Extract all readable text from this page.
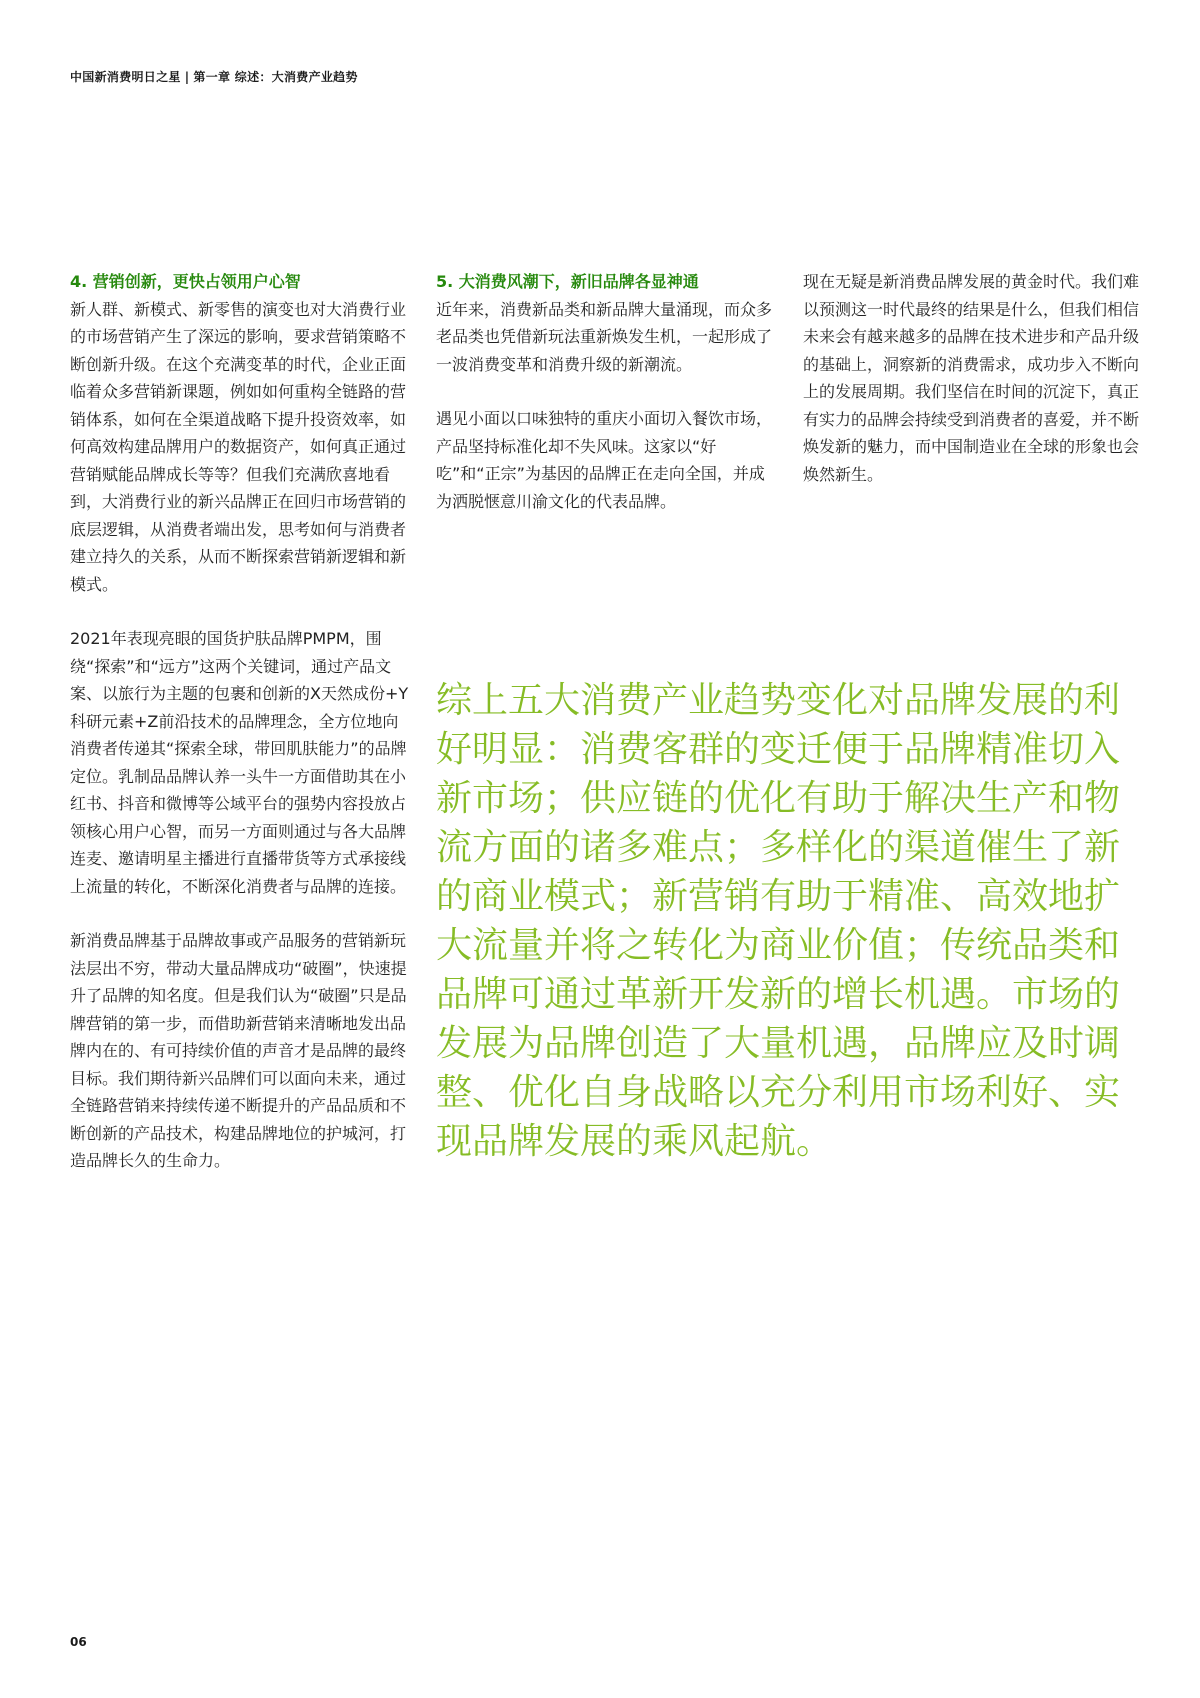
中国新消费明日之星 | 第一章 综述：大消费产业趋势
4. 营销创新，更快占领用户心智

新人群、新模式、新零售的演变也对大消费行业的市场营销产生了深远的影响，要求营销策略不断创新升级。在这个充满变革的时代，企业正面临着众多营销新课题，例如如何重构全链路的营销体系，如何在全渠道战略下提升投资效率，如何高效构建品牌用户的数据资产，如何真正通过营销赋能品牌成长等等？但我们充满欣喜地看到，大消费行业的新兴品牌正在回归市场营销的底层逻辑，从消费者端出发，思考如何与消费者建立持久的关系，从而不断探索营销新逻辑和新模式。

2021年表现亮眼的国货护肤品牌PMPM，围绕“探索”和“远方”这两个关键词，通过产品文案、以旅行为主题的包裹和创新的X天然成份+Y科研元素+Z前沿技术的品牌理念，全方位地向消费者传递其“探索全球，带回肌肤能力”的品牌定位。乳制品品牌认养一头牛一方面借助其在小红书、抖音和微博等公域平台的强势内容投放占领核心用户心智，而另一方面则通过与各大品牌连麦、邀请明星主播进行直播带货等方式承接线上流量的转化，不断深化消费者与品牌的连接。

新消费品牌基于品牌故事或产品服务的营销新玩法层出不穷，带动大量品牌成功“破圈”，快速提升了品牌的知名度。但是我们认为“破圈”只是品牌营销的第一步，而借助新营销来清晰地发出品牌内在的、有可持续价值的声音才是品牌的最终目标。我们期待新兴品牌们可以面向未来，通过全链路营销来持续传递不断提升的产品品质和不断创新的产品技术，构建品牌地位的护城河，打造品牌长久的生命力。

5. 大消费风潮下，新旧品牌各显神通

近年来，消费新品类和新品牌大量涌现，而众多老品类也凭借新玩法重新焕发生机，一起形成了一波消费变革和消费升级的新潮流。

遇见小面以口味独特的重庆小面切入餐饮市场，产品坚持标准化却不失风味。这家以“好吃”和“正宗”为基因的品牌正在走向全国，并成为洒脱惬意川渝文化的代表品牌。

现在无疑是新消费品牌发展的黄金时代。我们难以预测这一时代最终的结果是什么，但我们相信未来会有越来越多的品牌在技术进步和产品升级的基础上，洞察新的消费需求，成功步入不断向上的发展周期。我们坚信在时间的沉淀下，真正有实力的品牌会持续受到消费者的喜爱，并不断焕发新的魅力，而中国制造业在全球的形象也会焕然新生。

综上五大消费产业趋势变化对品牌发展的利好明显：消费客群的变迁便于品牌精准切入新市场；供应链的优化有助于解决生产和物流方面的诸多难点；多样化的渠道催生了新的商业模式；新营销有助于精准、高效地扩大流量并将之转化为商业价值；传统品类和品牌可通过革新开发新的增长机遇。市场的发展为品牌创造了大量机遇，品牌应及时调整、优化自身战略以充分利用市场利好、实现品牌发展的乘风起航。

06
